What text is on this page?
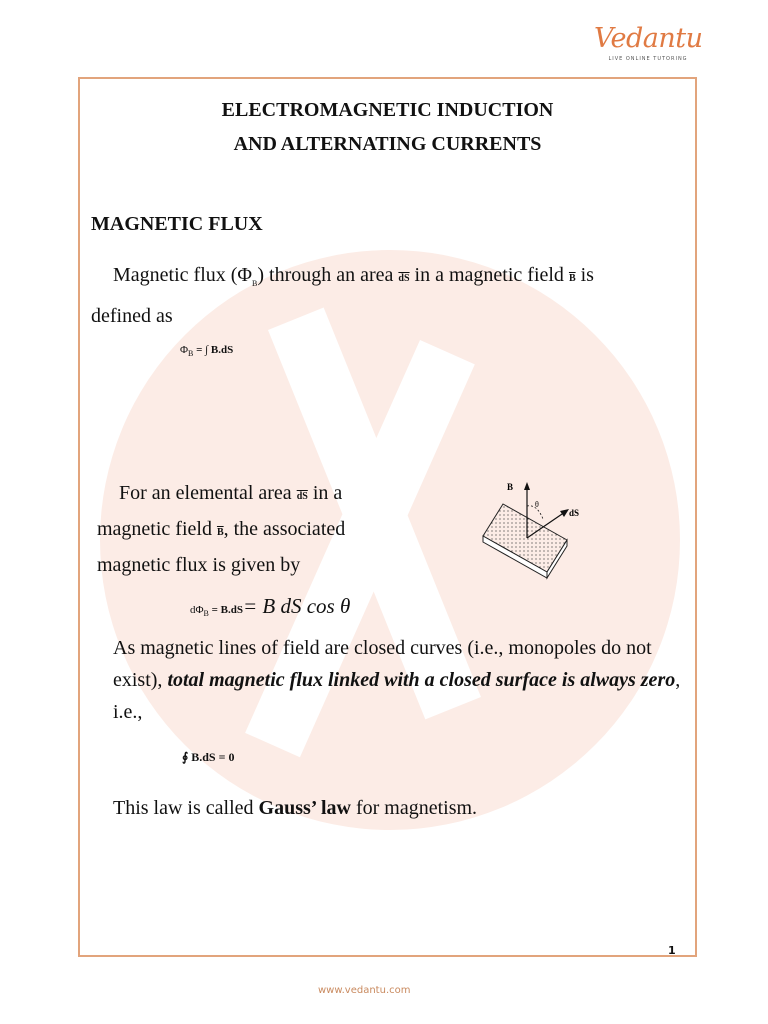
Vedantu
LIVE ONLINE TUTORING
ELECTROMAGNETIC INDUCTION
AND ALTERNATING CURRENTS
MAGNETIC FLUX
Magnetic flux $(\Phi_B)$ through an area $\overline{dS}$ in a magnetic field $\overline{B}$ is
defined as
$\Phi_B$ = ∫ B.dS
For an elemental area $\overline{dS}$ in a
magnetic field $\overline{B}$, the associated
magnetic flux is given by
B
θ
dS
$d\Phi_B = B.dS= B$ dS cos θ
As magnetic lines of field are closed curves (i.e., monopoles do not exist), total magnetic flux linked with a closed surface is always zero, i.e.,
∮ B.dS = 0
This law is called Gauss’ law for magnetism.
1
www.vedantu.com
